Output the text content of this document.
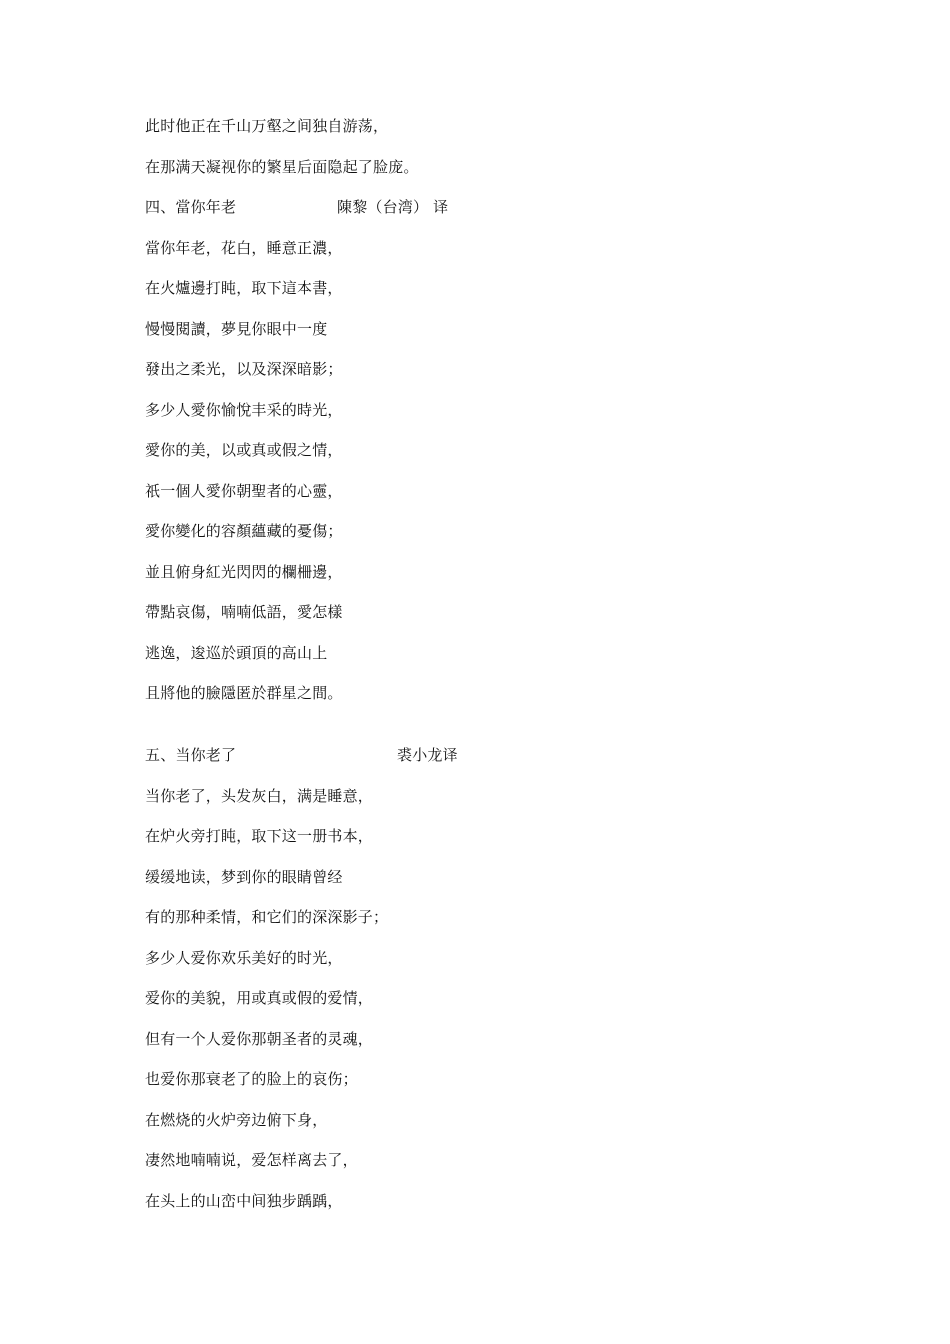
此时他正在千山万壑之间独自游荡，
在那满天凝视你的繁星后面隐起了脸庞。
四、當你年老	陳黎（台湾） 译
當你年老，花白，睡意正濃，
在火爐邊打盹，取下這本書，
慢慢閱讀，夢見你眼中一度
發出之柔光，以及深深暗影；
多少人愛你愉悅丰采的時光，
愛你的美，以或真或假之情，
祇一個人愛你朝聖者的心靈，
愛你變化的容顏蘊藏的憂傷；
並且俯身紅光閃閃的欄柵邊，
帶點哀傷，喃喃低語，愛怎樣
逃逸，逡巡於頭頂的高山上
且將他的臉隱匿於群星之間。
五、当你老了	裘小龙译
当你老了，头发灰白，满是睡意，
在炉火旁打盹，取下这一册书本，
缓缓地读，梦到你的眼睛曾经
有的那种柔情，和它们的深深影子；
多少人爱你欢乐美好的时光，
爱你的美貌，用或真或假的爱情，
但有一个人爱你那朝圣者的灵魂，
也爱你那衰老了的脸上的哀伤；
在燃烧的火炉旁边俯下身，
凄然地喃喃说，爱怎样离去了，
在头上的山峦中间独步踽踽，
